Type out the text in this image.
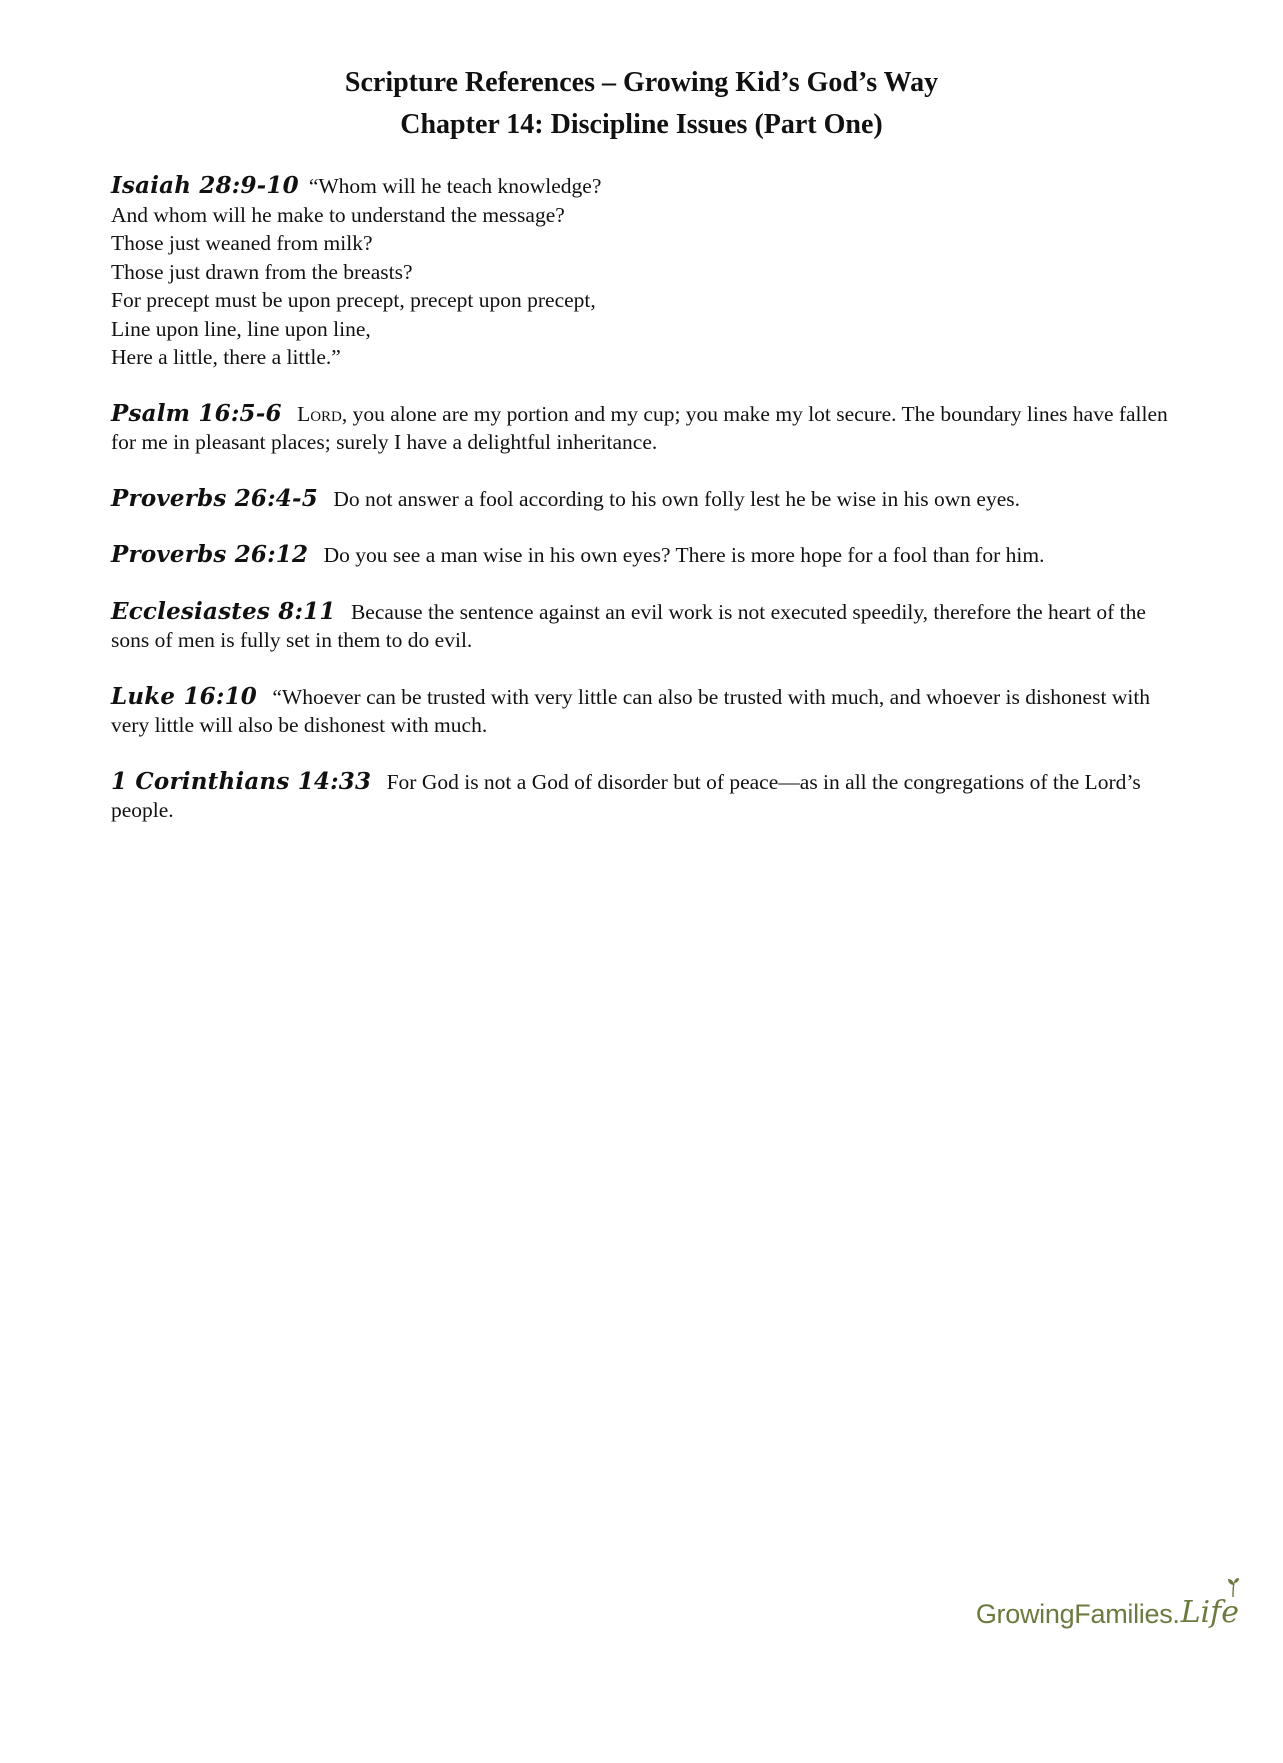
Scripture References – Growing Kid’s God’s Way
Chapter 14: Discipline Issues (Part One)
Isaiah 28:9-10 “Whom will he teach knowledge?
And whom will he make to understand the message?
Those just weaned from milk?
Those just drawn from the breasts?
For precept must be upon precept, precept upon precept,
Line upon line, line upon line,
Here a little, there a little.”
Psalm 16:5-6 Lord, you alone are my portion and my cup; you make my lot secure. The boundary lines have fallen for me in pleasant places; surely I have a delightful inheritance.
Proverbs 26:4-5 Do not answer a fool according to his own folly lest he be wise in his own eyes.
Proverbs 26:12 Do you see a man wise in his own eyes? There is more hope for a fool than for him.
Ecclesiastes 8:11 Because the sentence against an evil work is not executed speedily, therefore the heart of the sons of men is fully set in them to do evil.
Luke 16:10 “Whoever can be trusted with very little can also be trusted with much, and whoever is dishonest with very little will also be dishonest with much.
1 Corinthians 14:33 For God is not a God of disorder but of peace—as in all the congregations of the Lord’s people.
GrowingFamilies. Life
